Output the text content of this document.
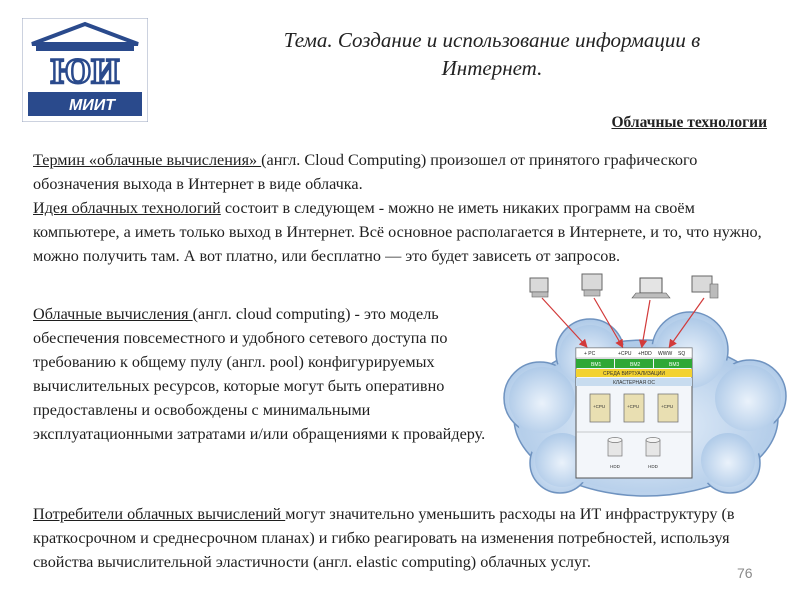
ЮИ
МИИТ
Тема. Создание и использование информации в Интернет.
Облачные технологии
Термин «облачные вычисления» (англ. Cloud Computing) произошел от принятого графического обозначения выхода в Интернет в виде облачка.
Идея облачных технологий состоит в следующем - можно не иметь никаких программ на своём компьютере, а иметь только выход в Интернет. Всё основное располагается в Интернете, и то, что нужно, можно получить там. А вот платно, или бесплатно — это будет зависеть от запросов.
Облачные вычисления (англ. cloud computing) - это модель обеспечения повсеместного и удобного сетевого доступа по требованию к общему пулу (англ. pool) конфигурируемых вычислительных ресурсов, которые могут быть оперативно предоставлены и освобождены с минимальными эксплуатационными затратами и/или обращениями к провайдеру.
+ PC	+CPU +HDD WWW SQ
ВМ1	ВМ2	ВМ3
СРЕДА ВИРТУАЛИЗАЦИИ
КЛАСТЕРНАЯ ОС
+CPU	+CPU	+CPU
HDD	HDD
Потребители облачных вычислений могут значительно уменьшить расходы на ИТ инфраструктуру (в краткосрочном и среднесрочном планах) и гибко реагировать на изменения потребностей, используя свойства вычислительной эластичности (англ. elastic computing) облачных услуг.
76
